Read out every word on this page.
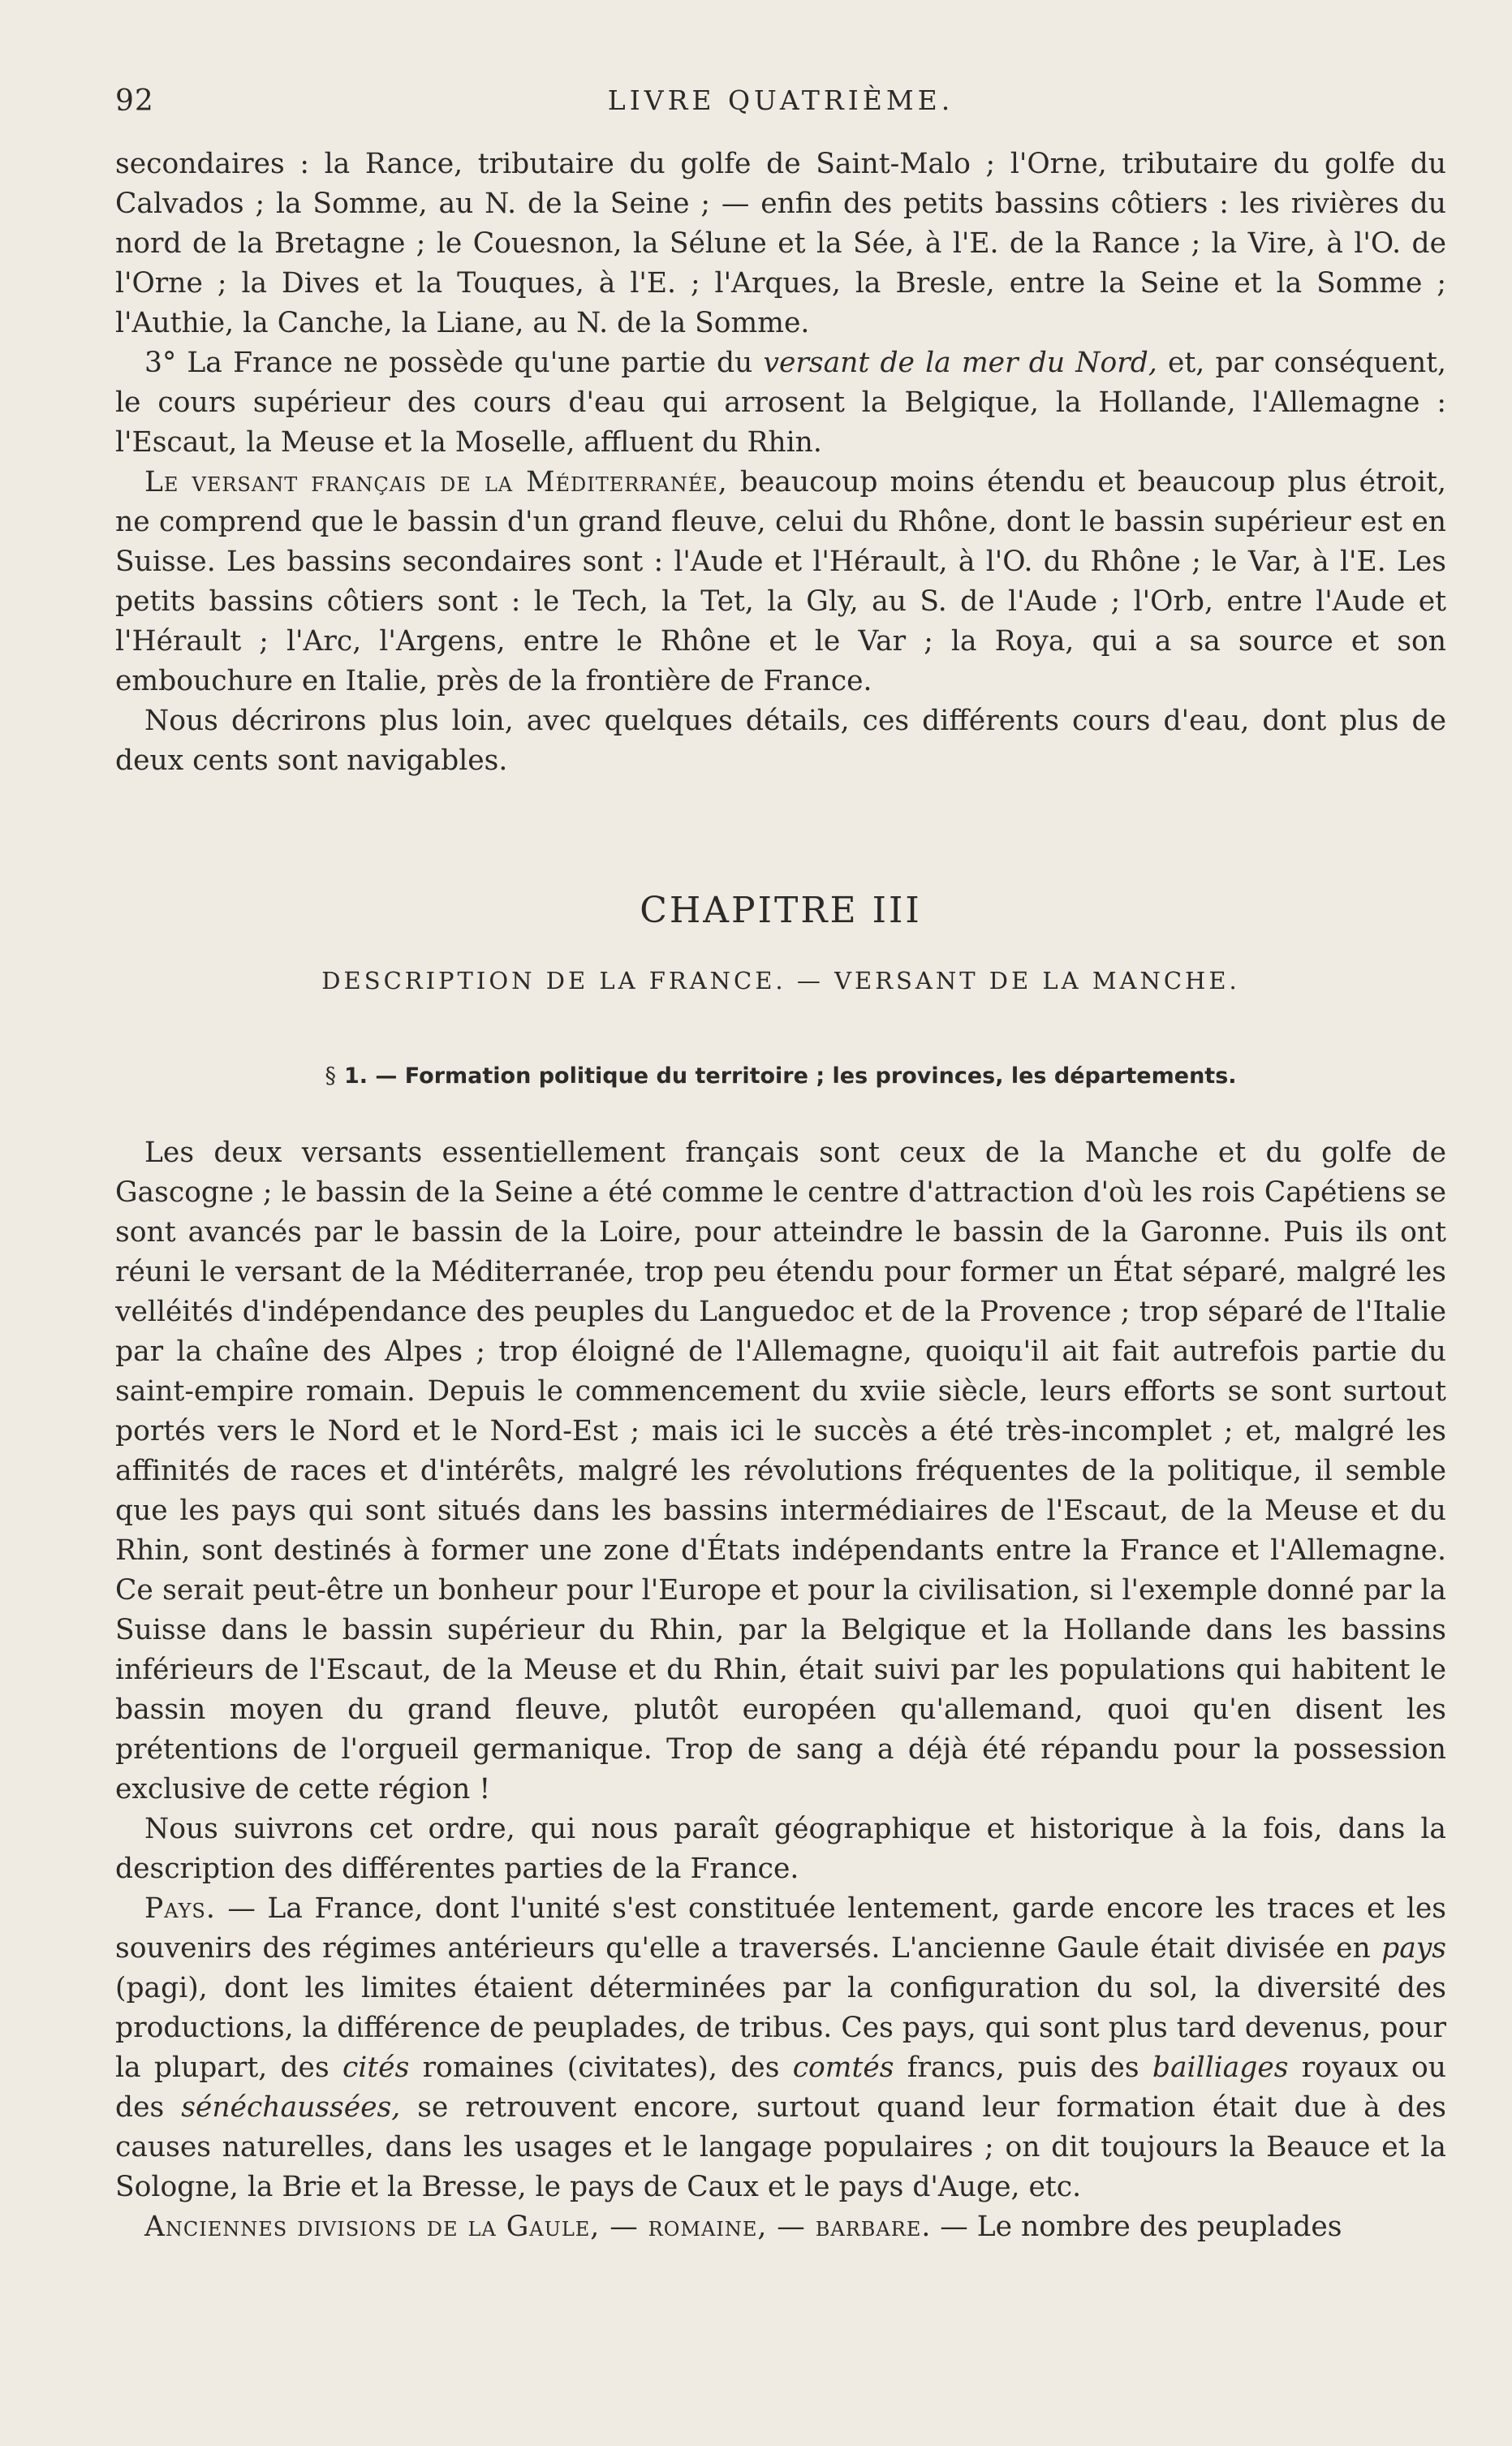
92	LIVRE QUATRIÈME.

secondaires : la Rance, tributaire du golfe de Saint-Malo ; l'Orne, tributaire du golfe du Calvados ; la Somme, au N. de la Seine ; — enfin des petits bassins côtiers : les rivières du nord de la Bretagne ; le Couesnon, la Sélune et la Sée, à l'E. de la Rance ; la Vire, à l'O. de l'Orne ; la Dives et la Touques, à l'E. ; l'Arques, la Bresle, entre la Seine et la Somme ; l'Authie, la Canche, la Liane, au N. de la Somme.

3° La France ne possède qu'une partie du versant de la mer du Nord, et, par conséquent, le cours supérieur des cours d'eau qui arrosent la Belgique, la Hollande, l'Allemagne : l'Escaut, la Meuse et la Moselle, affluent du Rhin.

Le versant français de la Méditerranée, beaucoup moins étendu et beaucoup plus étroit, ne comprend que le bassin d'un grand fleuve, celui du Rhône, dont le bassin supérieur est en Suisse. Les bassins secondaires sont : l'Aude et l'Hérault, à l'O. du Rhône ; le Var, à l'E. Les petits bassins côtiers sont : le Tech, la Tet, la Gly, au S. de l'Aude ; l'Orb, entre l'Aude et l'Hérault ; l'Arc, l'Argens, entre le Rhône et le Var ; la Roya, qui a sa source et son embouchure en Italie, près de la frontière de France.

Nous décrirons plus loin, avec quelques détails, ces différents cours d'eau, dont plus de deux cents sont navigables.

CHAPITRE III
DESCRIPTION DE LA FRANCE. — VERSANT DE LA MANCHE.
§ 1. — Formation politique du territoire ; les provinces, les départements.

Les deux versants essentiellement français sont ceux de la Manche et du golfe de Gascogne ; le bassin de la Seine a été comme le centre d'attraction d'où les rois Capétiens se sont avancés par le bassin de la Loire, pour atteindre le bassin de la Garonne. Puis ils ont réuni le versant de la Méditerranée, trop peu étendu pour former un État séparé, malgré les velléités d'indépendance des peuples du Languedoc et de la Provence ; trop séparé de l'Italie par la chaîne des Alpes ; trop éloigné de l'Allemagne, quoiqu'il ait fait autrefois partie du saint-empire romain. Depuis le commencement du xviie siècle, leurs efforts se sont surtout portés vers le Nord et le Nord-Est ; mais ici le succès a été très-incomplet ; et, malgré les affinités de races et d'intérêts, malgré les révolutions fréquentes de la politique, il semble que les pays qui sont situés dans les bassins intermédiaires de l'Escaut, de la Meuse et du Rhin, sont destinés à former une zone d'États indépendants entre la France et l'Allemagne. Ce serait peut-être un bonheur pour l'Europe et pour la civilisation, si l'exemple donné par la Suisse dans le bassin supérieur du Rhin, par la Belgique et la Hollande dans les bassins inférieurs de l'Escaut, de la Meuse et du Rhin, était suivi par les populations qui habitent le bassin moyen du grand fleuve, plutôt européen qu'allemand, quoi qu'en disent les prétentions de l'orgueil germanique. Trop de sang a déjà été répandu pour la possession exclusive de cette région !

Nous suivrons cet ordre, qui nous paraît géographique et historique à la fois, dans la description des différentes parties de la France.

Pays. — La France, dont l'unité s'est constituée lentement, garde encore les traces et les souvenirs des régimes antérieurs qu'elle a traversés. L'ancienne Gaule était divisée en pays (pagi), dont les limites étaient déterminées par la configuration du sol, la diversité des productions, la différence de peuplades, de tribus. Ces pays, qui sont plus tard devenus, pour la plupart, des cités romaines (civitates), des comtés francs, puis des bailliages royaux ou des sénéchaussées, se retrouvent encore, surtout quand leur formation était due à des causes naturelles, dans les usages et le langage populaires ; on dit toujours la Beauce et la Sologne, la Brie et la Bresse, le pays de Caux et le pays d'Auge, etc.

Anciennes divisions de la Gaule, — romaine, — barbare. — Le nombre des peuplades
